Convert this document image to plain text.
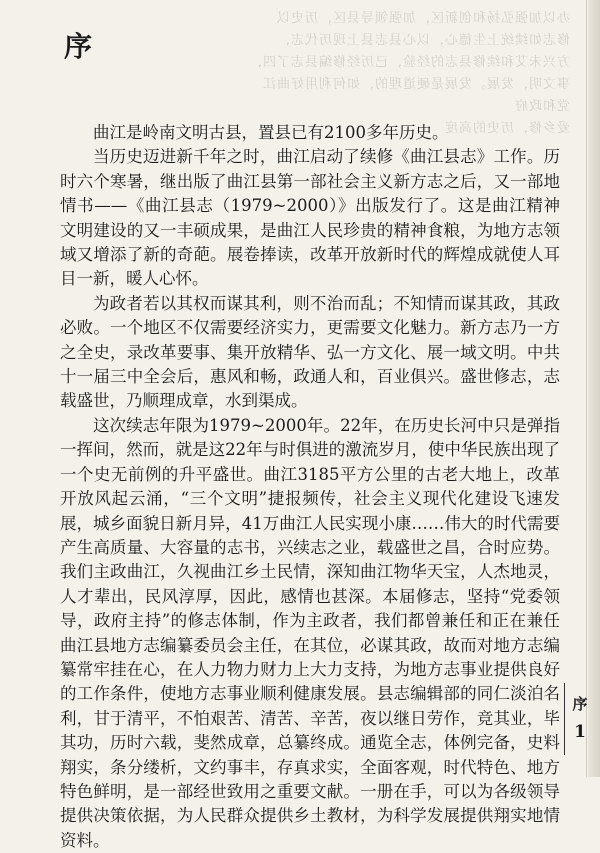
办以加强弘扬和创新区，加强领导县区，历史以
修志如续统上生德心，以心县志县上现历代志，
方兴未艾和续修县志的经验，已历经修编县志了四，
事文明，发展。发展是硬道理的，如何利用好曲江
党和政府
爱乡修，历史的高度
序

曲江是岭南文明古县，置县已有2100多年历史。

当历史迈进新千年之时，曲江启动了续修《曲江县志》工作。历时六个寒暑，继出版了曲江县第一部社会主义新方志之后，又一部地情书——《曲江县志（1979~2000）》出版发行了。这是曲江精神文明建设的又一丰硕成果，是曲江人民珍贵的精神食粮，为地方志领域又增添了新的奇葩。展卷捧读，改革开放新时代的辉煌成就使人耳目一新，暖人心怀。

为政者若以其权而谋其利，则不治而乱；不知情而谋其政，其政必败。一个地区不仅需要经济实力，更需要文化魅力。新方志乃一方之全史，录改革要事、集开放精华、弘一方文化、展一域文明。中共十一届三中全会后，惠风和畅，政通人和，百业俱兴。盛世修志，志载盛世，乃顺理成章，水到渠成。

这次续志年限为1979~2000年。22年，在历史长河中只是弹指一挥间，然而，就是这22年与时俱进的激流岁月，使中华民族出现了一个史无前例的升平盛世。曲江3185平方公里的古老大地上，改革开放风起云涌，“三个文明”捷报频传，社会主义现代化建设飞速发展，城乡面貌日新月异，41万曲江人民实现小康……伟大的时代需要产生高质量、大容量的志书，兴续志之业，载盛世之昌，合时应势。我们主政曲江，久视曲江乡土民情，深知曲江物华天宝，人杰地灵，人才辈出，民风淳厚，因此，感情也甚深。本届修志，坚持“党委领导，政府主持”的修志体制，作为主政者，我们都曾兼任和正在兼任曲江县地方志编纂委员会主任，在其位，必谋其政，故而对地方志编纂常牢挂在心，在人力物力财力上大力支持，为地方志事业提供良好的工作条件，使地方志事业顺利健康发展。县志编辑部的同仁淡泊名利，甘于清平，不怕艰苦、清苦、辛苦，夜以继日劳作，竞其业，毕其功，历时六载，斐然成章，总纂终成。通览全志，体例完备，史料翔实，条分缕析，文约事丰，存真求实，全面客观，时代特色、地方特色鲜明，是一部经世致用之重要文献。一册在手，可以为各级领导提供决策依据，为人民群众提供乡土教材，为科学发展提供翔实地情资料。

序
1
